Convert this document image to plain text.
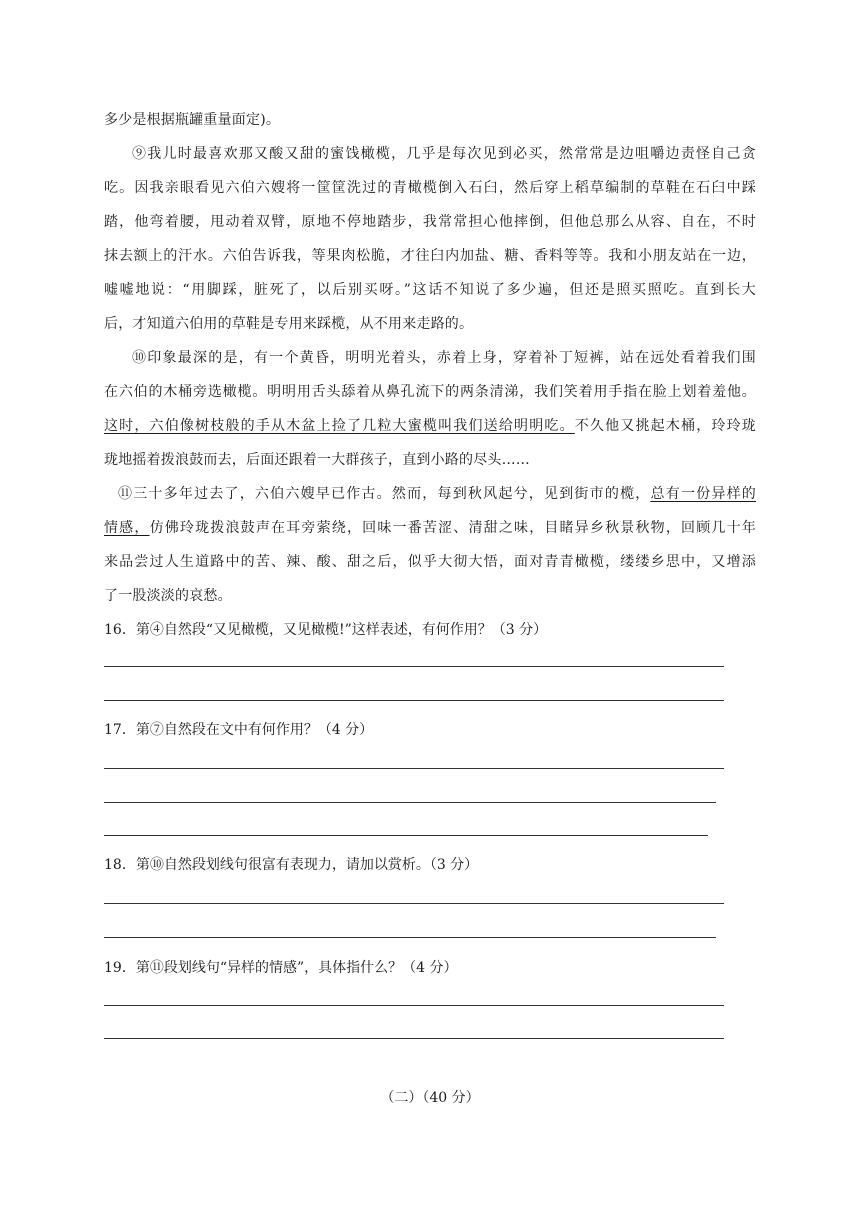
多少是根据瓶罐重量面定)。
⑨我儿时最喜欢那又酸又甜的蜜饯橄榄，几乎是每次见到必买，然常常是边咀嚼边责怪自己贪
吃。因我亲眼看见六伯六嫂将一筐筐洗过的青橄榄倒入石臼，然后穿上稻草编制的草鞋在石臼中踩
踏，他弯着腰，甩动着双臂，原地不停地踏步，我常常担心他摔倒，但他总那么从容、自在，不时
抹去额上的汗水。六伯告诉我，等果肉松脆，才往臼内加盐、糖、香料等等。我和小朋友站在一边，
嘘嘘地说：“用脚踩，脏死了，以后别买呀。”这话不知说了多少遍，但还是照买照吃。直到长大
后，才知道六伯用的草鞋是专用来踩榄，从不用来走路的。
⑩印象最深的是，有一个黄昏，明明光着头，赤着上身，穿着补丁短裤，站在远处看着我们围
在六伯的木桶旁选橄榄。明明用舌头舔着从鼻孔流下的两条清涕，我们笑着用手指在脸上划着羞他。
这时，六伯像树枝般的手从木盆上捡了几粒大蜜榄叫我们送给明明吃。不久他又挑起木桶，玲玲珑
珑地摇着拨浪鼓而去，后面还跟着一大群孩子，直到小路的尽头……
⑪三十多年过去了，六伯六嫂早已作古。然而，每到秋风起兮，见到街市的榄，总有一份异样的
情感，仿佛玲珑拨浪鼓声在耳旁萦绕，回味一番苦涩、清甜之味，目睹异乡秋景秋物，回顾几十年
来品尝过人生道路中的苦、辣、酸、甜之后，似乎大彻大悟，面对青青橄榄，缕缕乡思中，又增添
了一股淡淡的哀愁。
16．第④自然段“又见橄榄，又见橄榄!”这样表述，有何作用？（3 分）
17．第⑦自然段在文中有何作用？（4 分）
18．第⑩自然段划线句很富有表现力，请加以赏析。（3 分）
19．第⑪段划线句“异样的情感”，具体指什么？（4 分）
（二）（40 分）
